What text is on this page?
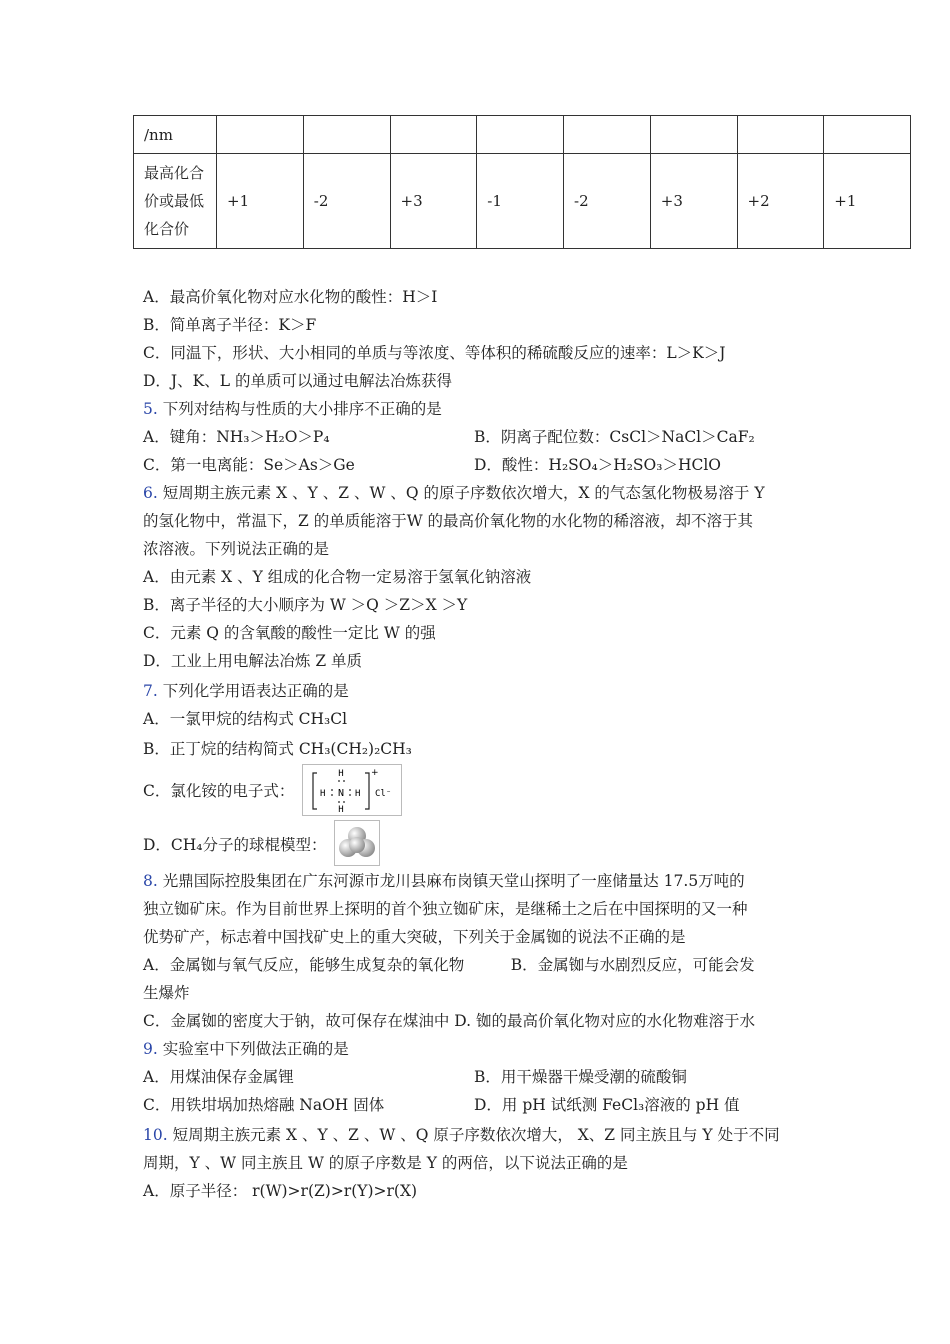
/nm								
最高化合价或最低化合价	+1	-2	+3	-1	-2	+3	+2	+1
A．最高价氧化物对应水化物的酸性：H＞I
B．简单离子半径：K＞F
C．同温下，形状、大小相同的单质与等浓度、等体积的稀硫酸反应的速率：L＞K＞J
D．J、K、L 的单质可以通过电解法冶炼获得
5. 下列对结构与性质的大小排序不正确的是
A．键角：NH₃＞H₂O＞P₄	B．阴离子配位数：CsCl＞NaCl＞CaF₂
C．第一电离能：Se＞As＞Ge	D．酸性：H₂SO₄＞H₂SO₃＞HClO
6. 短周期主族元素 X 、Y 、Z 、W 、Q 的原子序数依次增大，X 的气态氢化物极易溶于 Y
的氢化物中，常温下，Z 的单质能溶于W 的最高价氧化物的水化物的稀溶液，却不溶于其
浓溶液。下列说法正确的是
A．由元素 X 、Y 组成的化合物一定易溶于氢氧化钠溶液
B．离子半径的大小顺序为 W ＞Q ＞Z＞X ＞Y
C．元素 Q 的含氧酸的酸性一定比 W 的强
D．工业上用电解法冶炼 Z 单质
7. 下列化学用语表达正确的是
A．一氯甲烷的结构式 CH₃Cl
B．正丁烷的结构简式 CH₃(CH₂)₂CH₃
C．氯化铵的电子式：
H
H N H
H
+
Cl⁻
D．CH₄分子的球棍模型：
8. 光鼎国际控股集团在广东河源市龙川县麻布岗镇天堂山探明了一座储量达 17.5万吨的
独立铷矿床。作为目前世界上探明的首个独立铷矿床，是继稀土之后在中国探明的又一种
优势矿产，标志着中国找矿史上的重大突破，下列关于金属铷的说法不正确的是
A．金属铷与氧气反应，能够生成复杂的氧化物　　　B．金属铷与水剧烈反应，可能会发
生爆炸
C．金属铷的密度大于钠，故可保存在煤油中 D. 铷的最高价氧化物对应的水化物难溶于水
9. 实验室中下列做法正确的是
A．用煤油保存金属锂	B．用干燥器干燥受潮的硫酸铜
C．用铁坩埚加热熔融 NaOH 固体	D．用 pH 试纸测 FeCl₃溶液的 pH 值
10. 短周期主族元素 X 、Y 、Z 、W 、Q 原子序数依次增大， X、Z 同主族且与 Y 处于不同
周期，Y 、W 同主族且 W 的原子序数是 Y 的两倍，以下说法正确的是
A．原子半径： r(W)>r(Z)>r(Y)>r(X)
